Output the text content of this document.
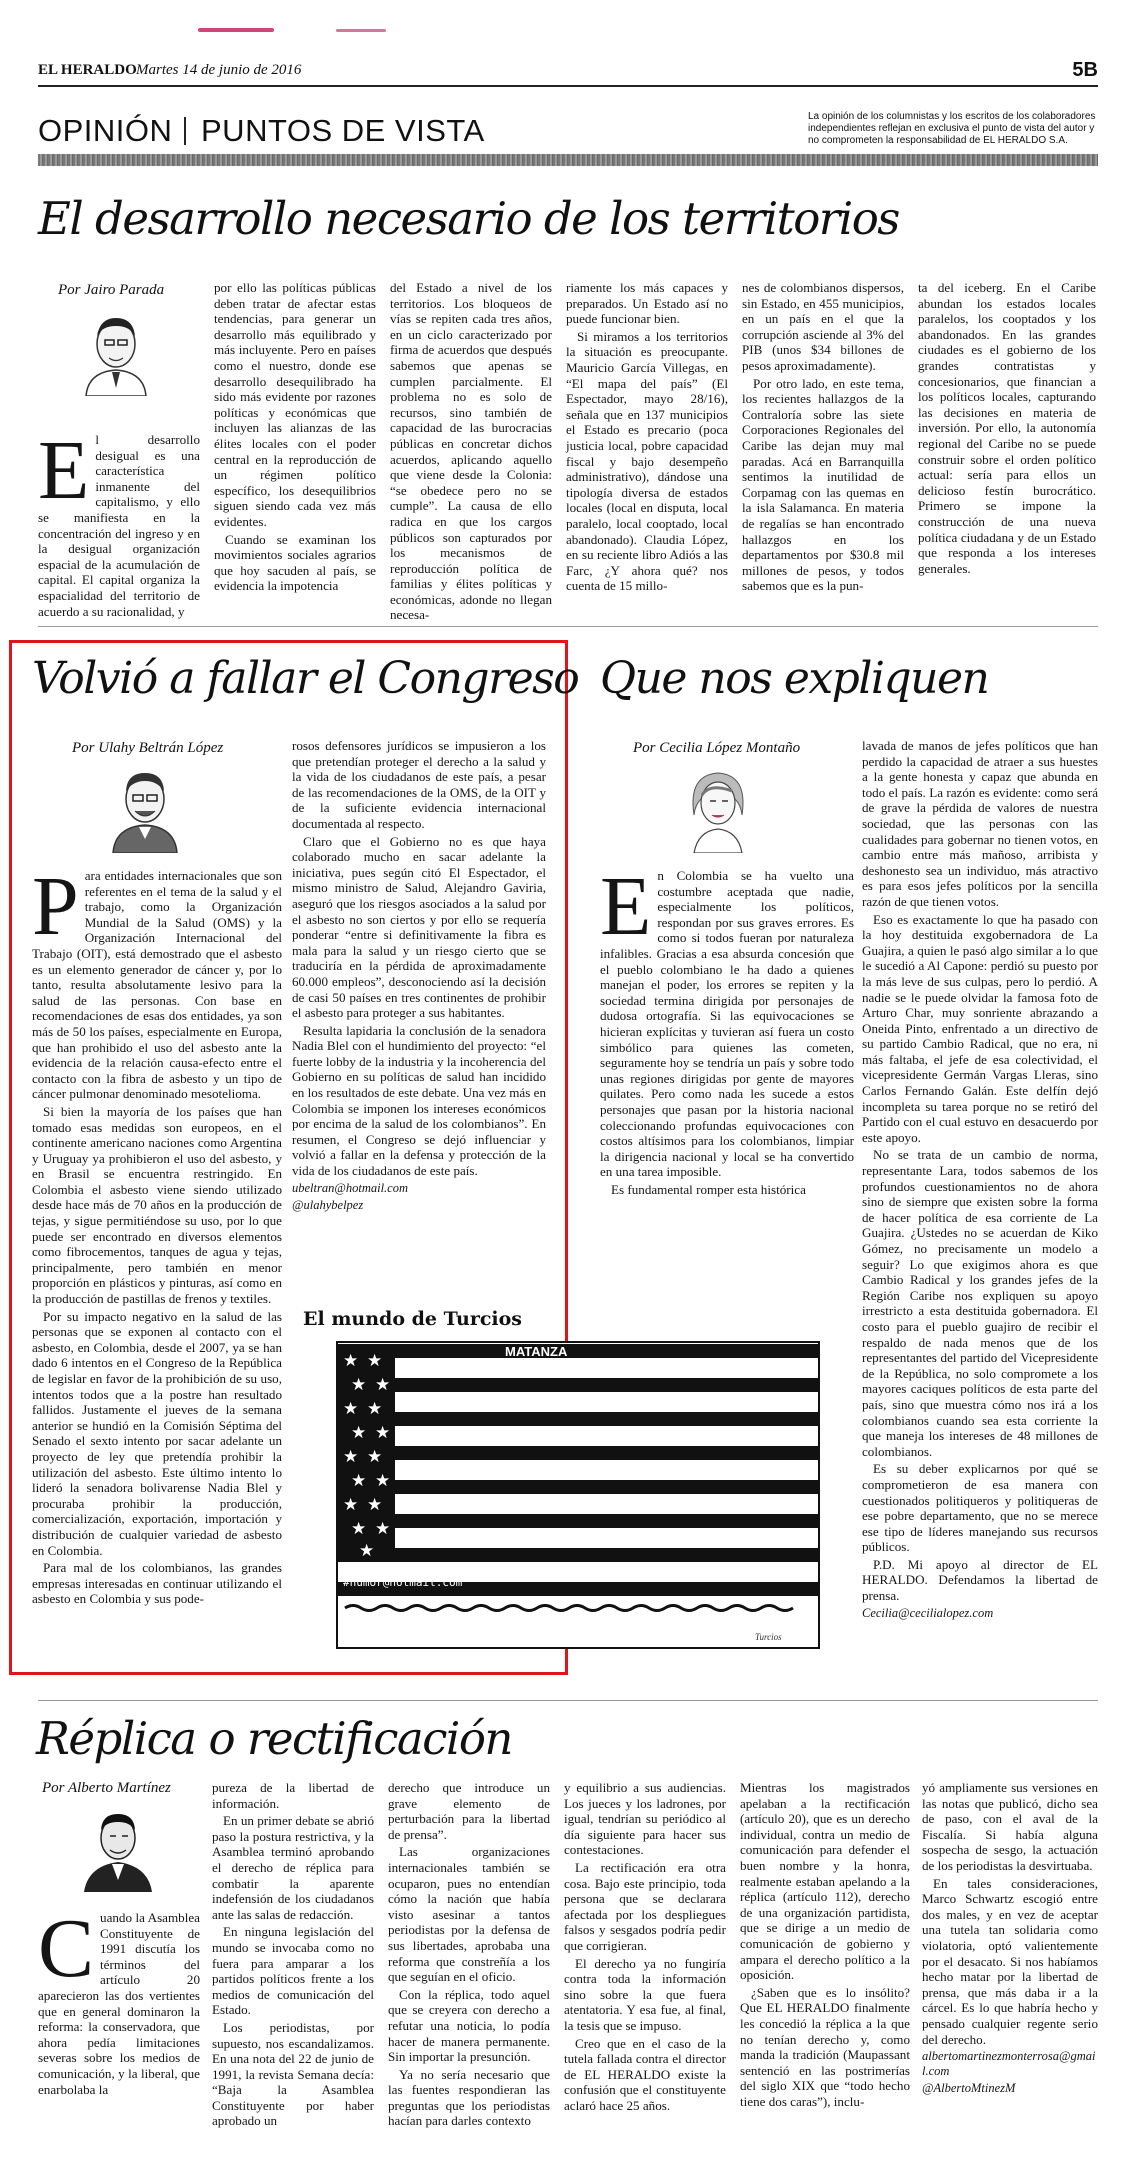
EL HERALDO Martes 14 de junio de 2016	5B
OPINIÓN PUNTOS DE VISTA	La opinión de los columnistas y los escritos de los colaboradores independientes reflejan en exclusiva el punto de vista del autor y no comprometen la responsabilidad de EL HERALDO S.A.
El desarrollo necesario de los territorios
Por Jairo Parada

El desarrollo desigual es una característica inmanente del capitalismo, y ello se manifiesta en la concentración del ingreso y en la desigual organización espacial de la acumulación de capital. El capital organiza la espacialidad del territorio de acuerdo a su racionalidad, y

por ello las políticas públicas deben tratar de afectar estas tendencias, para generar un desarrollo más equilibrado y más incluyente. Pero en países como el nuestro, donde ese desarrollo desequilibrado ha sido más evidente por razones políticas y económicas que incluyen las alianzas de las élites locales con el poder central en la reproducción de un régimen político específico, los desequilibrios siguen siendo cada vez más evidentes.

Cuando se examinan los movimientos sociales agrarios que hoy sacuden al país, se evidencia la impotencia

del Estado a nivel de los territorios. Los bloqueos de vías se repiten cada tres años, en un ciclo caracterizado por firma de acuerdos que después sabemos que apenas se cumplen parcialmente. El problema no es solo de recursos, sino también de capacidad de las burocracias públicas en concretar dichos acuerdos, aplicando aquello que viene desde la Colonia: “se obedece pero no se cumple”. La causa de ello radica en que los cargos públicos son capturados por los mecanismos de reproducción política de familias y élites políticas y económicas, adonde no llegan necesa-

riamente los más capaces y preparados. Un Estado así no puede funcionar bien.

Si miramos a los territorios la situación es preocupante. Mauricio García Villegas, en “El mapa del país” (El Espectador, mayo 28/16), señala que en 137 municipios el Estado es precario (poca justicia local, pobre capacidad fiscal y bajo desempeño administrativo), dándose una tipología diversa de estados locales (local en disputa, local paralelo, local cooptado, local abandonado). Claudia López, en su reciente libro Adiós a las Farc, ¿Y ahora qué? nos cuenta de 15 millo-

nes de colombianos dispersos, sin Estado, en 455 municipios, en un país en el que la corrupción asciende al 3% del PIB (unos $34 billones de pesos aproximadamente).

Por otro lado, en este tema, los recientes hallazgos de la Contraloría sobre las siete Corporaciones Regionales del Caribe las dejan muy mal paradas. Acá en Barranquilla sentimos la inutilidad de Corpamag con las quemas en la isla Salamanca. En materia de regalías se han encontrado hallazgos en los departamentos por $30.8 mil millones de pesos, y todos sabemos que es la pun-

ta del iceberg. En el Caribe abundan los estados locales paralelos, los cooptados y los abandonados. En las grandes ciudades es el gobierno de los grandes contratistas y concesionarios, que financian a los políticos locales, capturando las decisiones en materia de inversión. Por ello, la autonomía regional del Caribe no se puede construir sobre el orden político actual: sería para ellos un delicioso festín burocrático. Primero se impone la construcción de una nueva política ciudadana y de un Estado que responda a los intereses generales.

Volvió a fallar el Congreso
Por Ulahy Beltrán López

Para entidades internacionales que son referentes en el tema de la salud y el trabajo, como la Organización Mundial de la Salud (OMS) y la Organización Internacional del Trabajo (OIT), está demostrado que el asbesto es un elemento generador de cáncer y, por lo tanto, resulta absolutamente lesivo para la salud de las personas. Con base en recomendaciones de esas dos entidades, ya son más de 50 los países, especialmente en Europa, que han prohibido el uso del asbesto ante la evidencia de la relación causa-efecto entre el contacto con la fibra de asbesto y un tipo de cáncer pulmonar denominado mesotelioma.

Si bien la mayoría de los países que han tomado esas medidas son europeos, en el continente americano naciones como Argentina y Uruguay ya prohibieron el uso del asbesto, y en Brasil se encuentra restringido. En Colombia el asbesto viene siendo utilizado desde hace más de 70 años en la producción de tejas, y sigue permitiéndose su uso, por lo que puede ser encontrado en diversos elementos como fibrocementos, tanques de agua y tejas, principalmente, pero también en menor proporción en plásticos y pinturas, así como en la producción de pastillas de frenos y textiles.

Por su impacto negativo en la salud de las personas que se exponen al contacto con el asbesto, en Colombia, desde el 2007, ya se han dado 6 intentos en el Congreso de la República de legislar en favor de la prohibición de su uso, intentos todos que a la postre han resultado fallidos. Justamente el jueves de la semana anterior se hundió en la Comisión Séptima del Senado el sexto intento por sacar adelante un proyecto de ley que pretendía prohibir la utilización del asbesto. Este último intento lo lideró la senadora bolivarense Nadia Blel y procuraba prohibir la producción, comercialización, exportación, importación y distribución de cualquier variedad de asbesto en Colombia.

Para mal de los colombianos, las grandes empresas interesadas en continuar utilizando el asbesto en Colombia y sus pode-

rosos defensores jurídicos se impusieron a los que pretendían proteger el derecho a la salud y la vida de los ciudadanos de este país, a pesar de las recomendaciones de la OMS, de la OIT y de la suficiente evidencia internacional documentada al respecto.

Claro que el Gobierno no es que haya colaborado mucho en sacar adelante la iniciativa, pues según citó El Espectador, el mismo ministro de Salud, Alejandro Gaviria, aseguró que los riesgos asociados a la salud por el asbesto no son ciertos y por ello se requería ponderar “entre si definitivamente la fibra es mala para la salud y un riesgo cierto que se traduciría en la pérdida de aproximadamente 60.000 empleos”, desconociendo así la decisión de casi 50 países en tres continentes de prohibir el asbesto para proteger a sus habitantes.

Resulta lapidaria la conclusión de la senadora Nadia Blel con el hundimiento del proyecto: “el fuerte lobby de la industria y la incoherencia del Gobierno en su políticas de salud han incidido en los resultados de este debate. Una vez más en Colombia se imponen los intereses económicos por encima de la salud de los colombianos”. En resumen, el Congreso se dejó influenciar y volvió a fallar en la defensa y protección de la vida de los ciudadanos de este país.

ubeltran@hotmail.com

@ulahybelpez

Que nos expliquen
Por Cecilia López Montaño

En Colombia se ha vuelto una costumbre aceptada que nadie, especialmente los políticos, respondan por sus graves errores. Es como si todos fueran por naturaleza infalibles. Gracias a esa absurda concesión que el pueblo colombiano le ha dado a quienes manejan el poder, los errores se repiten y la sociedad termina dirigida por personajes de dudosa ortografía. Si las equivocaciones se hicieran explícitas y tuvieran así fuera un costo simbólico para quienes las cometen, seguramente hoy se tendría un país y sobre todo unas regiones dirigidas por gente de mayores quilates. Pero como nada les sucede a estos personajes que pasan por la historia nacional coleccionando profundas equivocaciones con costos altísimos para los colombianos, limpiar la dirigencia nacional y local se ha convertido en una tarea imposible.

Es fundamental romper esta histórica

lavada de manos de jefes políticos que han perdido la capacidad de atraer a sus huestes a la gente honesta y capaz que abunda en todo el país. La razón es evidente: como será de grave la pérdida de valores de nuestra sociedad, que las personas con las cualidades para gobernar no tienen votos, en cambio entre más mañoso, arribista y deshonesto sea un individuo, más atractivo es para esos jefes políticos por la sencilla razón de que tienen votos.

Eso es exactamente lo que ha pasado con la hoy destituida exgobernadora de La Guajira, a quien le pasó algo similar a lo que le sucedió a Al Capone: perdió su puesto por la más leve de sus culpas, pero lo perdió. A nadie se le puede olvidar la famosa foto de Arturo Char, muy sonriente abrazando a Oneida Pinto, enfrentado a un directivo de su partido Cambio Radical, que no era, ni más faltaba, el jefe de esa colectividad, el vicepresidente Germán Vargas Lleras, sino Carlos Fernando Galán. Este delfín dejó incompleta su tarea porque no se retiró del Partido con el cual estuvo en desacuerdo por este apoyo.

No se trata de un cambio de norma, representante Lara, todos sabemos de los profundos cuestionamientos no de ahora sino de siempre que existen sobre la forma de hacer política de esa corriente de La Guajira. ¿Ustedes no se acuerdan de Kiko Gómez, no precisamente un modelo a seguir? Lo que exigimos ahora es que Cambio Radical y los grandes jefes de la Región Caribe nos expliquen su apoyo irrestricto a esta destituida gobernadora. El costo para el pueblo guajiro de recibir el respaldo de nada menos que de los representantes del partido del Vicepresidente de la República, no solo compromete a los mayores caciques políticos de esta parte del país, sino que muestra cómo nos irá a los colombianos cuando sea esta corriente la que maneja los intereses de 48 millones de colombianos.

Es su deber explicarnos por qué se comprometieron de esa manera con cuestionados politiqueros y politiqueras de ese pobre departamento, que no se merece ese tipo de líderes manejando sus recursos públicos.

P.D. Mi apoyo al director de EL HERALDO. Defendamos la libertad de prensa.

Cecilia@cecilialopez.com

El mundo de Turcios
★ ★
★ ★
★ ★
★ ★
★ ★
★ ★
★ ★
★ ★
★
MATANZA
#humor@hotmail.com
Turcios
Réplica o rectificación
Por Alberto Martínez

Cuando la Asamblea Constituyente de 1991 discutía los términos del artículo 20 aparecieron las dos vertientes que en general dominaron la reforma: la conservadora, que ahora pedía limitaciones severas sobre los medios de comunicación, y la liberal, que enarbolaba la

pureza de la libertad de información.

En un primer debate se abrió paso la postura restrictiva, y la Asamblea terminó aprobando el derecho de réplica para combatir la aparente indefensión de los ciudadanos ante las salas de redacción.

En ninguna legislación del mundo se invocaba como no fuera para amparar a los partidos políticos frente a los medios de comunicación del Estado.

Los periodistas, por supuesto, nos escandalizamos. En una nota del 22 de junio de 1991, la revista Semana decía: “Baja la Asamblea Constituyente por haber aprobado un

derecho que introduce un grave elemento de perturbación para la libertad de prensa”.

Las organizaciones internacionales también se ocuparon, pues no entendían cómo la nación que había visto asesinar a tantos periodistas por la defensa de sus libertades, aprobaba una reforma que constreñía a los que seguían en el oficio.

Con la réplica, todo aquel que se creyera con derecho a refutar una noticia, lo podía hacer de manera permanente. Sin importar la presunción.

Ya no sería necesario que las fuentes respondieran las preguntas que los periodistas hacían para darles contexto

y equilibrio a sus audiencias. Los jueces y los ladrones, por igual, tendrían su periódico al día siguiente para hacer sus contestaciones.

La rectificación era otra cosa. Bajo este principio, toda persona que se declarara afectada por los despliegues falsos y sesgados podría pedir que corrigieran.

El derecho ya no fungiría contra toda la información sino sobre la que fuera atentatoria. Y esa fue, al final, la tesis que se impuso.

Creo que en el caso de la tutela fallada contra el director de EL HERALDO existe la confusión que el constituyente aclaró hace 25 años.

Mientras los magistrados apelaban a la rectificación (artículo 20), que es un derecho individual, contra un medio de comunicación para defender el buen nombre y la honra, realmente estaban apelando a la réplica (artículo 112), derecho de una organización partidista, que se dirige a un medio de comunicación de gobierno y ampara el derecho político a la oposición.

¿Saben que es lo insólito? Que EL HERALDO finalmente les concedió la réplica a la que no tenían derecho y, como manda la tradición (Maupassant sentenció en las postrimerías del siglo XIX que “todo hecho tiene dos caras”), inclu-

yó ampliamente sus versiones en las notas que publicó, dicho sea de paso, con el aval de la Fiscalía. Si había alguna sospecha de sesgo, la actuación de los periodistas la desvirtuaba.

En tales consideraciones, Marco Schwartz escogió entre dos males, y en vez de aceptar una tutela tan solidaria como violatoria, optó valientemente por el desacato. Si nos habíamos hecho matar por la libertad de prensa, que más daba ir a la cárcel. Es lo que habría hecho y pensado cualquier regente serio del derecho.

albertomartinezmonterrosa@gmail.com

@AlbertoMtinezM
